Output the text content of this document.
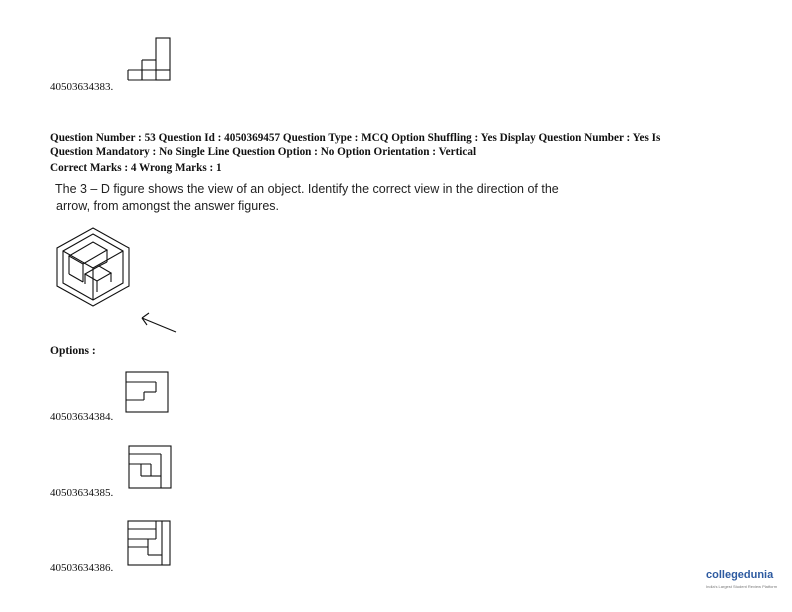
40503634383.
Question Number : 53 Question Id : 4050369457 Question Type : MCQ Option Shuffling : Yes Display Question Number : Yes Is
Question Mandatory : No Single Line Question Option : No Option Orientation : Vertical
Correct Marks : 4 Wrong Marks : 1
The 3 – D figure shows the view of an object. Identify the correct view in the direction of the
arrow, from amongst the answer figures.
Options :
40503634384.
40503634385.
40503634386.
collegedunia
India's Largest Student Review Platform
